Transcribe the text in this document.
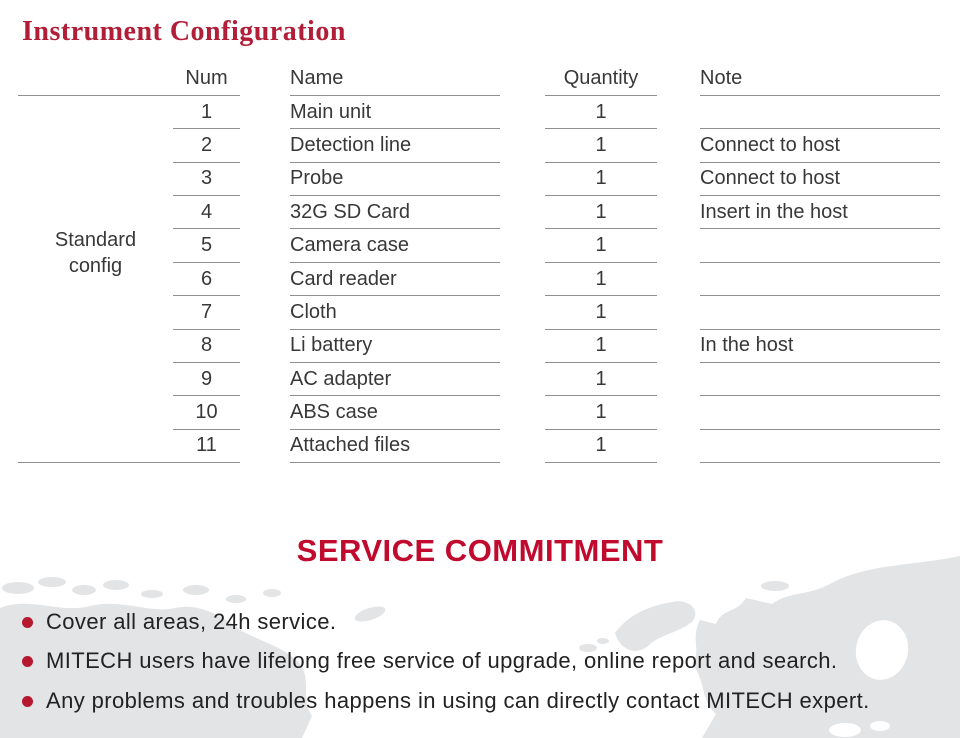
Instrument Configuration
	Num		Name		Quantity		Note

Standard config	1		Main unit		1		
	2		Detection line		1		Connect to host
	3		Probe		1		Connect to host
	4		32G SD Card		1		Insert in the host
	5		Camera case		1		
	6		Card reader		1		
	7		Cloth		1		
	8		Li battery		1		In the host
	9		AC adapter		1		
	10		ABS case		1		
	11		Attached files		1		
SERVICE COMMITMENT
Cover all areas, 24h service.
MITECH users have lifelong free service of upgrade, online report and search.
Any problems and troubles happens in using can directly contact MITECH expert.
